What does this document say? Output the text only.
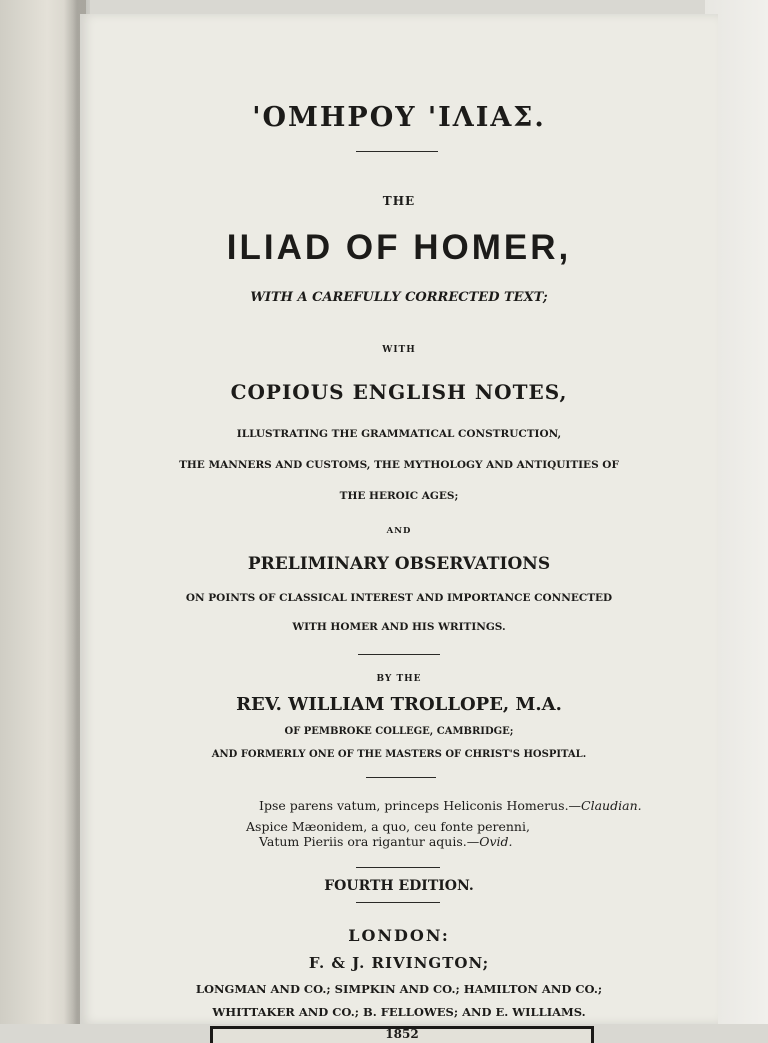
'ΟΜΗΡΟΥ 'ΙΛΙΑΣ.
THE
ILIAD OF HOMER,
WITH A CAREFULLY CORRECTED TEXT;
WITH
COPIOUS ENGLISH NOTES,
ILLUSTRATING THE GRAMMATICAL CONSTRUCTION,
THE MANNERS AND CUSTOMS, THE MYTHOLOGY AND ANTIQUITIES OF
THE HEROIC AGES;
AND
PRELIMINARY OBSERVATIONS
ON POINTS OF CLASSICAL INTEREST AND IMPORTANCE CONNECTED
WITH HOMER AND HIS WRITINGS.
BY THE
REV. WILLIAM TROLLOPE, M.A.
OF PEMBROKE COLLEGE, CAMBRIDGE;
AND FORMERLY ONE OF THE MASTERS OF CHRIST'S HOSPITAL.
Ipse parens vatum, princeps Heliconis Homerus.—Claudian.
Aspice Mæonidem, a quo, ceu fonte perenni,
Vatum Pieriis ora rigantur aquis.—Ovid.
FOURTH EDITION.
LONDON:
F. & J. RIVINGTON;
LONGMAN AND CO.; SIMPKIN AND CO.; HAMILTON AND CO.;
WHITTAKER AND CO.; B. FELLOWES; AND E. WILLIAMS.
1852
